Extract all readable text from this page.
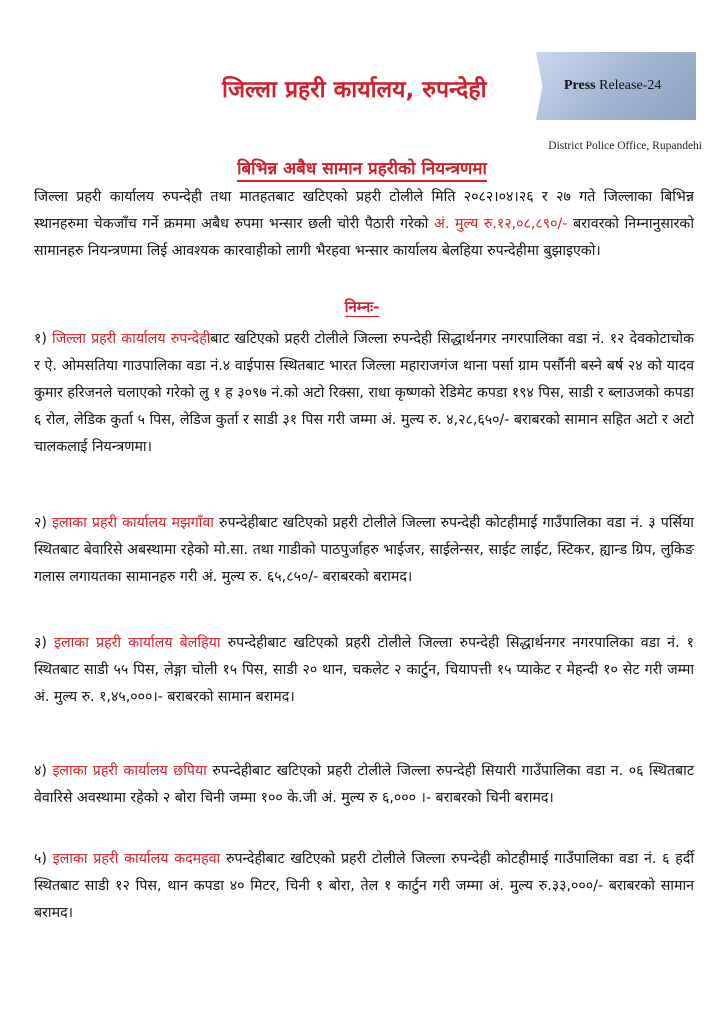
जिल्ला प्रहरी कार्यालय, रुपन्देही	Press Release-24
District Police Office, Rupandehi
बिभिन्न अबैध सामान प्रहरीको नियन्त्रणमा
जिल्ला प्रहरी कार्यालय रुपन्देही तथा मातहतबाट खटिएको प्रहरी टोलीले मिति २०८२।०४।२६ र २७ गते जिल्लाका बिभिन्न स्थानहरुमा चेकजाँच गर्ने क्रममा अबैध रुपमा भन्सार छली चोरी पैठारी गरेको अं. मुल्य रु.१२,०८,८९०/- बरावरको निम्नानुसारको सामानहरु नियन्त्रणमा लिई आवश्यक कारवाहीको लागी भैरहवा भन्सार कार्यालय बेलहिया रुपन्देहीमा बुझाइएको।
निम्नः-
१) जिल्ला प्रहरी कार्यालय रुपन्देहीबाट खटिएको प्रहरी टोलीले जिल्ला रुपन्देही सिद्धार्थनगर नगरपालिका वडा नं. १२ देवकोटाचोक र ऐ. ओमसतिया गाउपालिका वडा नं.४ वाईपास स्थितबाट भारत जिल्ला महाराजगंज थाना पर्सा ग्राम पर्सौनी बस्ने बर्ष २४ को यादव कुमार हरिजनले चलाएको गरेको लु १ ह ३०९७ नं.को अटो रिक्सा, राधा कृष्णको रेडिमेट कपडा १९४ पिस, साडी र ब्लाउजको कपडा ६ रोल, लेडिक कुर्ता ५ पिस, लेडिज कुर्ता र साडी ३१ पिस गरी जम्मा अं. मुल्य रु. ४,२८,६५०/- बराबरको सामान सहित अटो र अटो चालकलाई नियन्त्रणमा।
२) इलाका प्रहरी कार्यालय मझगाँवा रुपन्देहीबाट खटिएको प्रहरी टोलीले जिल्ला रुपन्देही कोटहीमाई गाउँपालिका वडा नं. ३ पर्सिया स्थितबाट बेवारिसे अबस्थामा रहेको मो.सा. तथा गाडीको पाठपुर्जाहरु भाईजर, साईलेन्सर, साईट लाईट, स्टिकर, ह्यान्ड ग्रिप, लुकिङ गलास लगायतका सामानहरु गरी अं. मुल्य रु. ६५,८५०/- बराबरको बरामद।
३) इलाका प्रहरी कार्यालय बेलहिया रुपन्देहीबाट खटिएको प्रहरी टोलीले जिल्ला रुपन्देही सिद्धार्थनगर नगरपालिका वडा नं. १ स्थितबाट साडी ५५ पिस, लेङ्गा चोली १५ पिस, साडी २० थान, चकलेट २ कार्टुन, चियापत्ती १५ प्याकेट र मेहन्दी १० सेट गरी जम्मा अं. मुल्य रु. १,४५,०००।- बराबरको सामान बरामद।
४) इलाका प्रहरी कार्यालय छपिया रुपन्देहीबाट खटिएको प्रहरी टोलीले जिल्ला रुपन्देही सियारी गाउँपालिका वडा न. ०६ स्थितबाट वेवारिसे अवस्थामा रहेको २ बोरा चिनी जम्मा १०० के.जी अं. मुल्य रु ६,००० ।- बराबरको चिनी बरामद।
५) इलाका प्रहरी कार्यालय कदमहवा रुपन्देहीबाट खटिएको प्रहरी टोलीले जिल्ला रुपन्देही कोटहीमाई गाउँपालिका वडा नं. ६ हर्दी स्थितबाट साडी १२ पिस, थान कपडा ४० मिटर, चिनी १ बोरा, तेल १ कार्टुन गरी जम्मा अं. मुल्य रु.३३,०००/- बराबरको सामान बरामद।
